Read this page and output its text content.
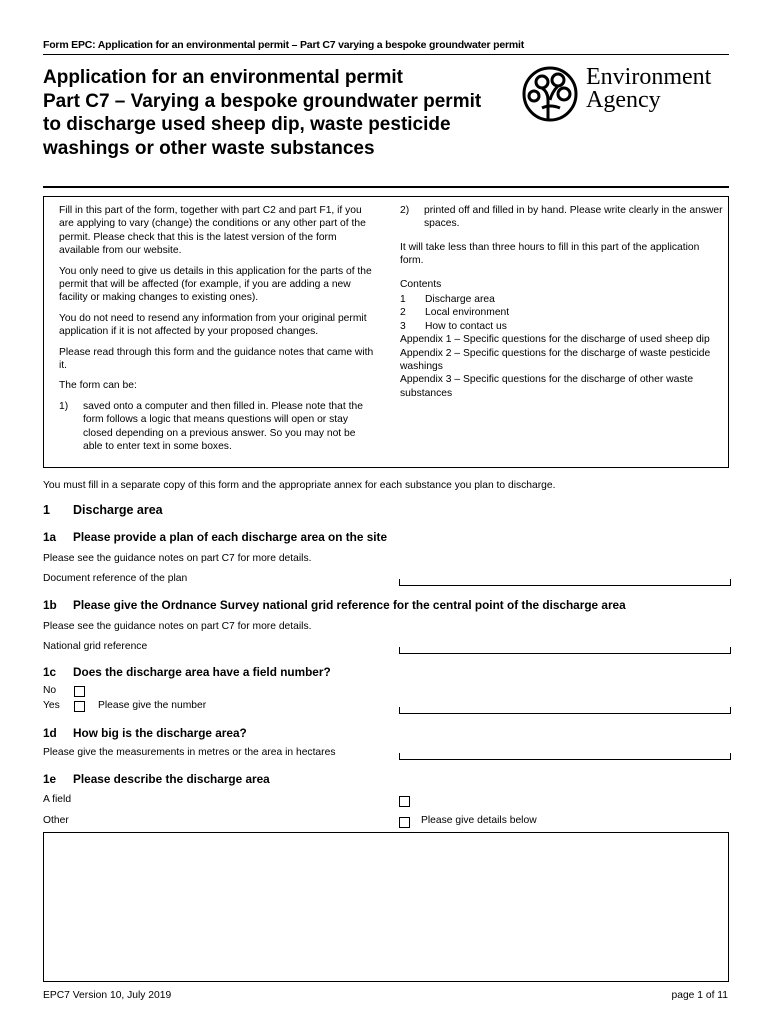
Form EPC: Application for an environmental permit – Part C7 varying a bespoke groundwater permit
Application for an environmental permit
Part C7 – Varying a bespoke groundwater permit
to discharge used sheep dip, waste pesticide
washings or other waste substances
Environment
Agency

Fill in this part of the form, together with part C2 and part F1, if you are applying to vary (change) the conditions or any other part of the permit. Please check that this is the latest version of the form available from our website.

You only need to give us details in this application for the parts of the permit that will be affected (for example, if you are adding a new facility or making changes to existing ones).

You do not need to resend any information from your original permit application if it is not affected by your proposed changes.

Please read through this form and the guidance notes that came with it.

The form can be:

1)	saved onto a computer and then filled in. Please note that the form follows a logic that means questions will open or stay closed depending on a previous answer. So you may not be able to enter text in some boxes.
2)	printed off and filled in by hand. Please write clearly in the answer spaces.

It will take less than three hours to fill in this part of the application form.

Contents
1	Discharge area
2	Local environment
3	How to contact us
Appendix 1 – Specific questions for the discharge of used sheep dip
Appendix 2 – Specific questions for the discharge of waste pesticide washings
Appendix 3 – Specific questions for the discharge of other waste substances
You must fill in a separate copy of this form and the appropriate annex for each substance you plan to discharge.
1 Discharge area
1a Please provide a plan of each discharge area on the site
Please see the guidance notes on part C7 for more details.
Document reference of the plan
1b Please give the Ordnance Survey national grid reference for the central point of the discharge area
Please see the guidance notes on part C7 for more details.
National grid reference
1c Does the discharge area have a field number?
No
Yes	Please give the number
1d How big is the discharge area?
Please give the measurements in metres or the area in hectares
1e Please describe the discharge area
A field
Other	Please give details below
EPC7 Version 10, July 2019	page 1 of 11
